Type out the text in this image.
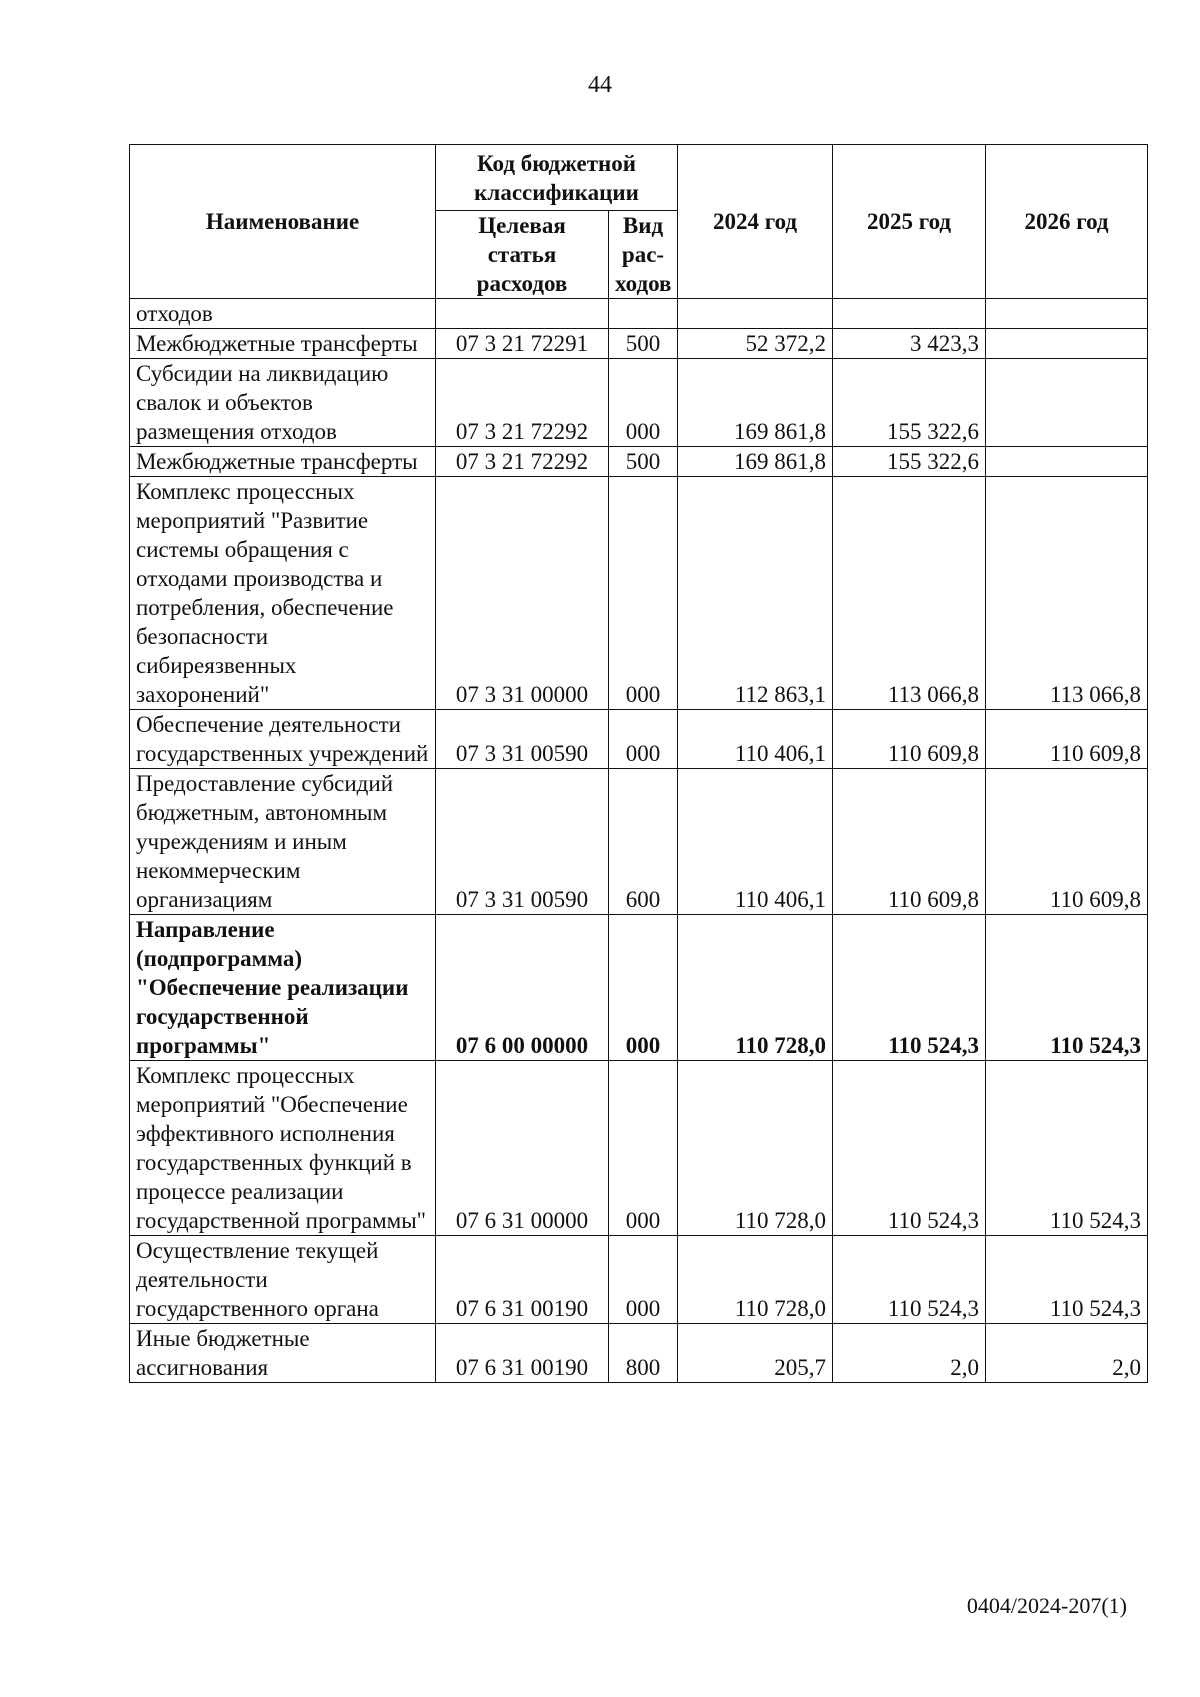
44
Наименование	Код бюджетной классификации		2024 год	2025 год	2026 год
	Целевая статья расходов	Вид рас-ходов			
отходов					
Межбюджетные трансферты	07 3 21 72291	500	52 372,2	3 423,3	
Субсидии на ликвидацию свалок и объектов размещения отходов	07 3 21 72292	000	169 861,8	155 322,6	
Межбюджетные трансферты	07 3 21 72292	500	169 861,8	155 322,6	
Комплекс процессных мероприятий "Развитие системы обращения с отходами производства и потребления, обеспечение безопасности сибиреязвенных захоронений"	07 3 31 00000	000	112 863,1	113 066,8	113 066,8
Обеспечение деятельности государственных учреждений	07 3 31 00590	000	110 406,1	110 609,8	110 609,8
Предоставление субсидий бюджетным, автономным учреждениям и иным некоммерческим организациям	07 3 31 00590	600	110 406,1	110 609,8	110 609,8
Направление (подпрограмма) "Обеспечение реализации государственной программы"	07 6 00 00000	000	110 728,0	110 524,3	110 524,3
Комплекс процессных мероприятий "Обеспечение эффективного исполнения государственных функций в процессе реализации государственной программы"	07 6 31 00000	000	110 728,0	110 524,3	110 524,3
Осуществление текущей деятельности государственного органа	07 6 31 00190	000	110 728,0	110 524,3	110 524,3
Иные бюджетные ассигнования	07 6 31 00190	800	205,7	2,0	2,0
0404/2024-207(1)
